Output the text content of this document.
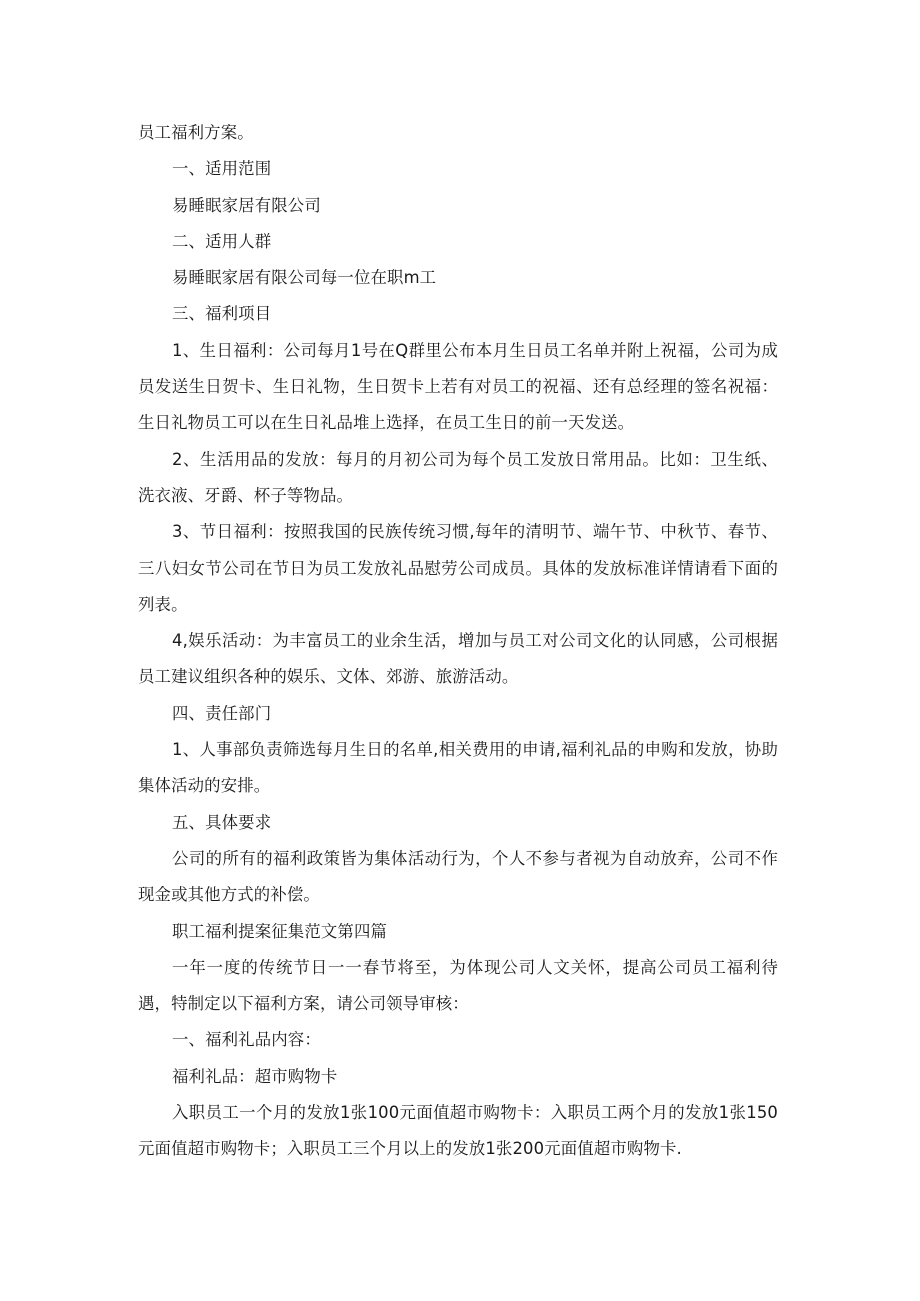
员工福利方案。

一、适用范围

易睡眠家居有限公司

二、适用人群

易睡眠家居有限公司每一位在职m工

三、福利项目

1、生日福利：公司每月1号在Q群里公布本月生日员工名单并附上祝福，公司为成员发送生日贺卡、生日礼物，生日贺卡上若有对员工的祝福、还有总经理的签名祝福：生日礼物员工可以在生日礼品堆上选择，在员工生日的前一天发送。

2、生活用品的发放：每月的月初公司为每个员工发放日常用品。比如：卫生纸、洗衣液、牙爵、杯子等物品。

3、节日福利：按照我国的民族传统习惯,每年的清明节、端午节、中秋节、春节、三八妇女节公司在节日为员工发放礼品慰劳公司成员。具体的发放标准详情请看下面的列表。

4,娱乐活动：为丰富员工的业余生活，增加与员工对公司文化的认同感，公司根据员工建议组织各种的娱乐、文体、郊游、旅游活动。

四、责任部门

1、人事部负责筛选每月生日的名单,相关费用的申请,福利礼品的申购和发放，协助集体活动的安排。

五、具体要求

公司的所有的福利政策皆为集体活动行为，个人不参与者视为自动放弃，公司不作现金或其他方式的补偿。

职工福利提案征集范文第四篇

一年一度的传统节日一一春节将至，为体现公司人文关怀，提高公司员工福利待遇，特制定以下福利方案，请公司领导审核：

一、福利礼品内容：

福利礼品：超市购物卡

入职员工一个月的发放1张100元面值超市购物卡：入职员工两个月的发放1张150元面值超市购物卡；入职员工三个月以上的发放1张200元面值超市购物卡.
